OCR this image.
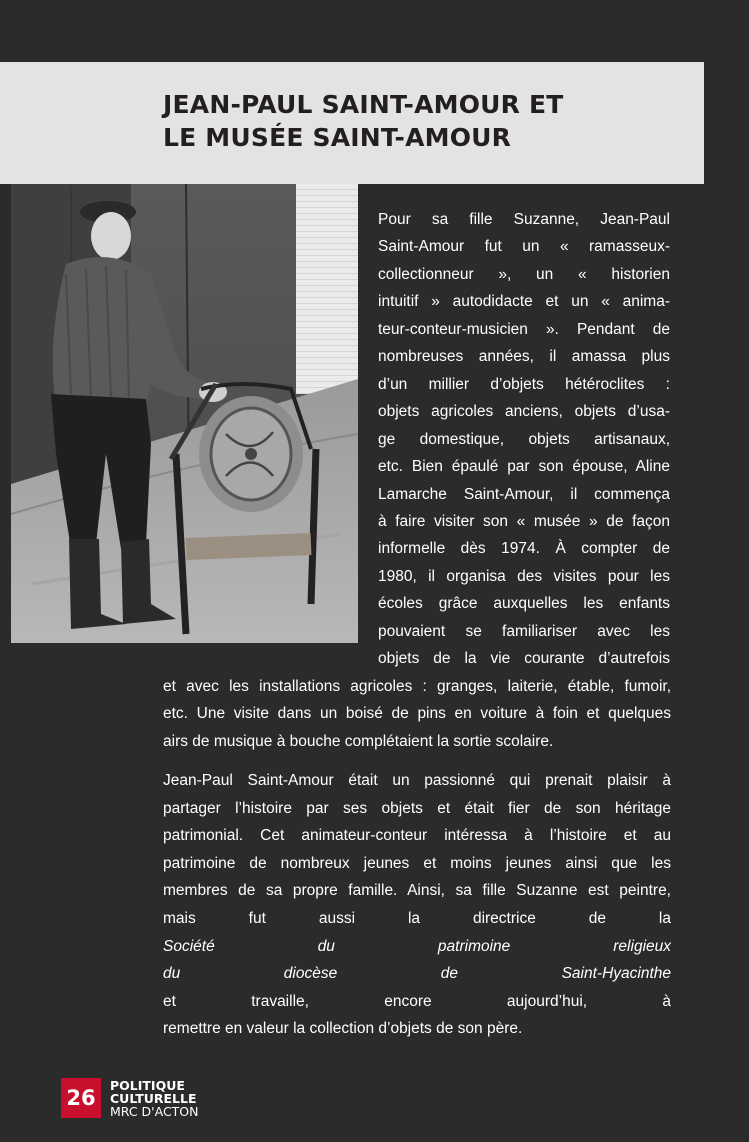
JEAN-PAUL SAINT-AMOUR ET
LE MUSÉE SAINT-AMOUR

Pour sa fille Suzanne, Jean-Paul
Saint-Amour fut un « ramasseux-
collectionneur », un « historien
intuitif » autodidacte et un « anima-
teur-conteur-musicien ». Pendant de
nombreuses années, il amassa plus
d’un millier d’objets hétéroclites :
objets agricoles anciens, objets d’usa-
ge domestique, objets artisanaux,
etc. Bien épaulé par son épouse, Aline
Lamarche Saint-Amour, il commença
à faire visiter son « musée » de façon
informelle dès 1974. À compter de
1980, il organisa des visites pour les
écoles grâce auxquelles les enfants
pouvaient se familiariser avec les
objets de la vie courante d’autrefois

et avec les installations agricoles : granges, laiterie, étable, fumoir,
etc. Une visite dans un boisé de pins en voiture à foin et quelques
airs de musique à bouche complétaient la sortie scolaire.

Jean-Paul Saint-Amour était un passionné qui prenait plaisir à
partager l’histoire par ses objets et était fier de son héritage
patrimonial. Cet animateur-conteur intéressa à l’histoire et au
patrimoine de nombreux jeunes et moins jeunes ainsi que les
membres de sa propre famille. Ainsi, sa fille Suzanne est peintre,
mais fut aussi la directrice de la
Société du patrimoine religieux
du diocèse de Saint-Hyacinthe
et travaille, encore aujourd’hui, à
remettre en valeur la collection d’objets de son père.

26
POLITIQUE
CULTURELLE
MRC D'ACTON
